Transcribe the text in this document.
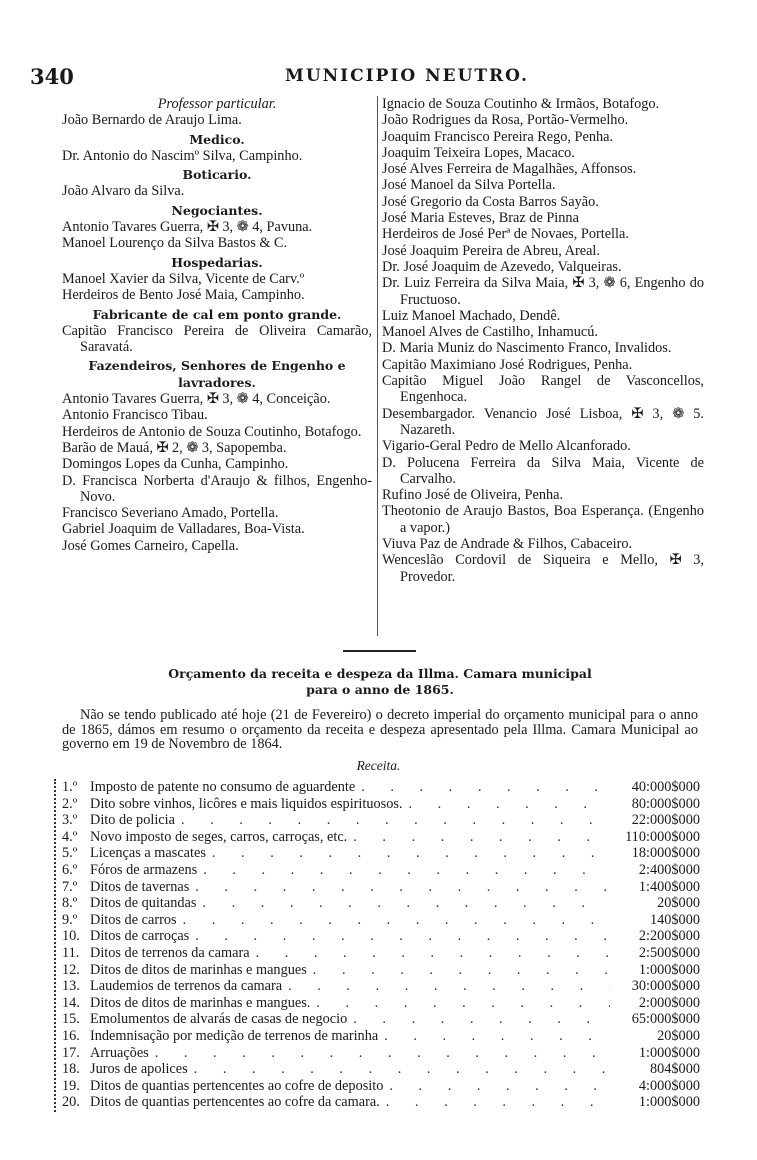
340	MUNICIPIO NEUTRO.
Professor particular.
João Bernardo de Araujo Lima.
Medico.
Dr. Antonio do Nascimº Silva, Campinho.
Boticario.
João Alvaro da Silva.
Negociantes.
Antonio Tavares Guerra, ✠ 3, ❁ 4, Pavuna.
Manoel Lourenço da Silva Bastos & C.
Hospedarias.
Manoel Xavier da Silva, Vicente de Carv.º
Herdeiros de Bento José Maia, Campinho.
Fabricante de cal em ponto grande.
Capitão Francisco Pereira de Oliveira Camarão, Saravatá.
Fazendeiros, Senhores de Engenho e lavradores.
Antonio Tavares Guerra, ✠ 3, ❁ 4, Conceição.
Antonio Francisco Tibau.
Herdeiros de Antonio de Souza Coutinho, Botafogo.
Barão de Mauá, ✠ 2, ❁ 3, Sapopemba.
Domingos Lopes da Cunha, Campinho.
D. Francisca Norberta d'Araujo & filhos, Engenho-Novo.
Francisco Severiano Amado, Portella.
Gabriel Joaquim de Valladares, Boa-Vista.
José Gomes Carneiro, Capella.
Ignacio de Souza Coutinho & Irmãos, Botafogo.
João Rodrigues da Rosa, Portão-Vermelho.
Joaquim Francisco Pereira Rego, Penha.
Joaquim Teixeira Lopes, Macaco.
José Alves Ferreira de Magalhães, Affonsos.
José Manoel da Silva Portella.
José Gregorio da Costa Barros Sayão.
José Maria Esteves, Braz de Pinna
Herdeiros de José Perª de Novaes, Portella.
José Joaquim Pereira de Abreu, Areal.
Dr. José Joaquim de Azevedo, Valqueiras.
Dr. Luiz Ferreira da Silva Maia, ✠ 3, ❁ 6, Engenho do Fructuoso.
Luiz Manoel Machado, Dendê.
Manoel Alves de Castilho, Inhamucú.
D. Maria Muniz do Nascimento Franco, Invalidos.
Capitão Maximiano José Rodrigues, Penha.
Capitão Miguel João Rangel de Vasconcellos, Engenhoca.
Desembargador. Venancio José Lisboa, ✠ 3, ❁ 5. Nazareth.
Vigario-Geral Pedro de Mello Alcanforado.
D. Polucena Ferreira da Silva Maia, Vicente de Carvalho.
Rufino José de Oliveira, Penha.
Theotonio de Araujo Bastos, Boa Esperança. (Engenho a vapor.)
Viuva Paz de Andrade & Filhos, Cabaceiro.
Wenceslão Cordovil de Siqueira e Mello, ✠ 3, Provedor.
Orçamento da receita e despeza da Illma. Camara municipal
para o anno de 1865.
Não se tendo publicado até hoje (21 de Fevereiro) o decreto imperial do orçamento municipal para o anno de 1865, dámos em resumo o orçamento da receita e despeza apresentado pela Illma. Camara Municipal ao governo em 19 de Novembro de 1864.
Receita.
1.º Imposto de patente no consumo de aguardente . . .	40:000$000
2.º Dito sobre vinhos, licôres e mais liquidos espirituosos. . . .	80:000$000
3.º Dito de policia . . .	22:000$000
4.º Novo imposto de seges, carros, carroças, etc. . . .	110:000$000
5.º Licenças a mascates . . .	18:000$000
6.º Fóros de armazens . . .	2:400$000
7.º Ditos de tavernas . . .	1:400$000
8.º Ditos de quitandas . . .	20$000
9.º Ditos de carros . . .	140$000
10. Ditos de carroças . . .	2:200$000
11. Ditos de terrenos da camara . . .	2:500$000
12. Ditos de ditos de marinhas e mangues . . .	1:000$000
13. Laudemios de terrenos da camara . . .	30:000$000
14. Ditos de ditos de marinhas e mangues. . . .	2:000$000
15. Emolumentos de alvarás de casas de negocio . . .	65:000$000
16. Indemnisação por medição de terrenos de marinha . . .	20$000
17. Arruações . . .	1:000$000
18. Juros de apolices . . .	804$000
19. Ditos de quantias pertencentes ao cofre de deposito . . .	4:000$000
20. Ditos de quantias pertencentes ao cofre da camara. . . .	1:000$000
